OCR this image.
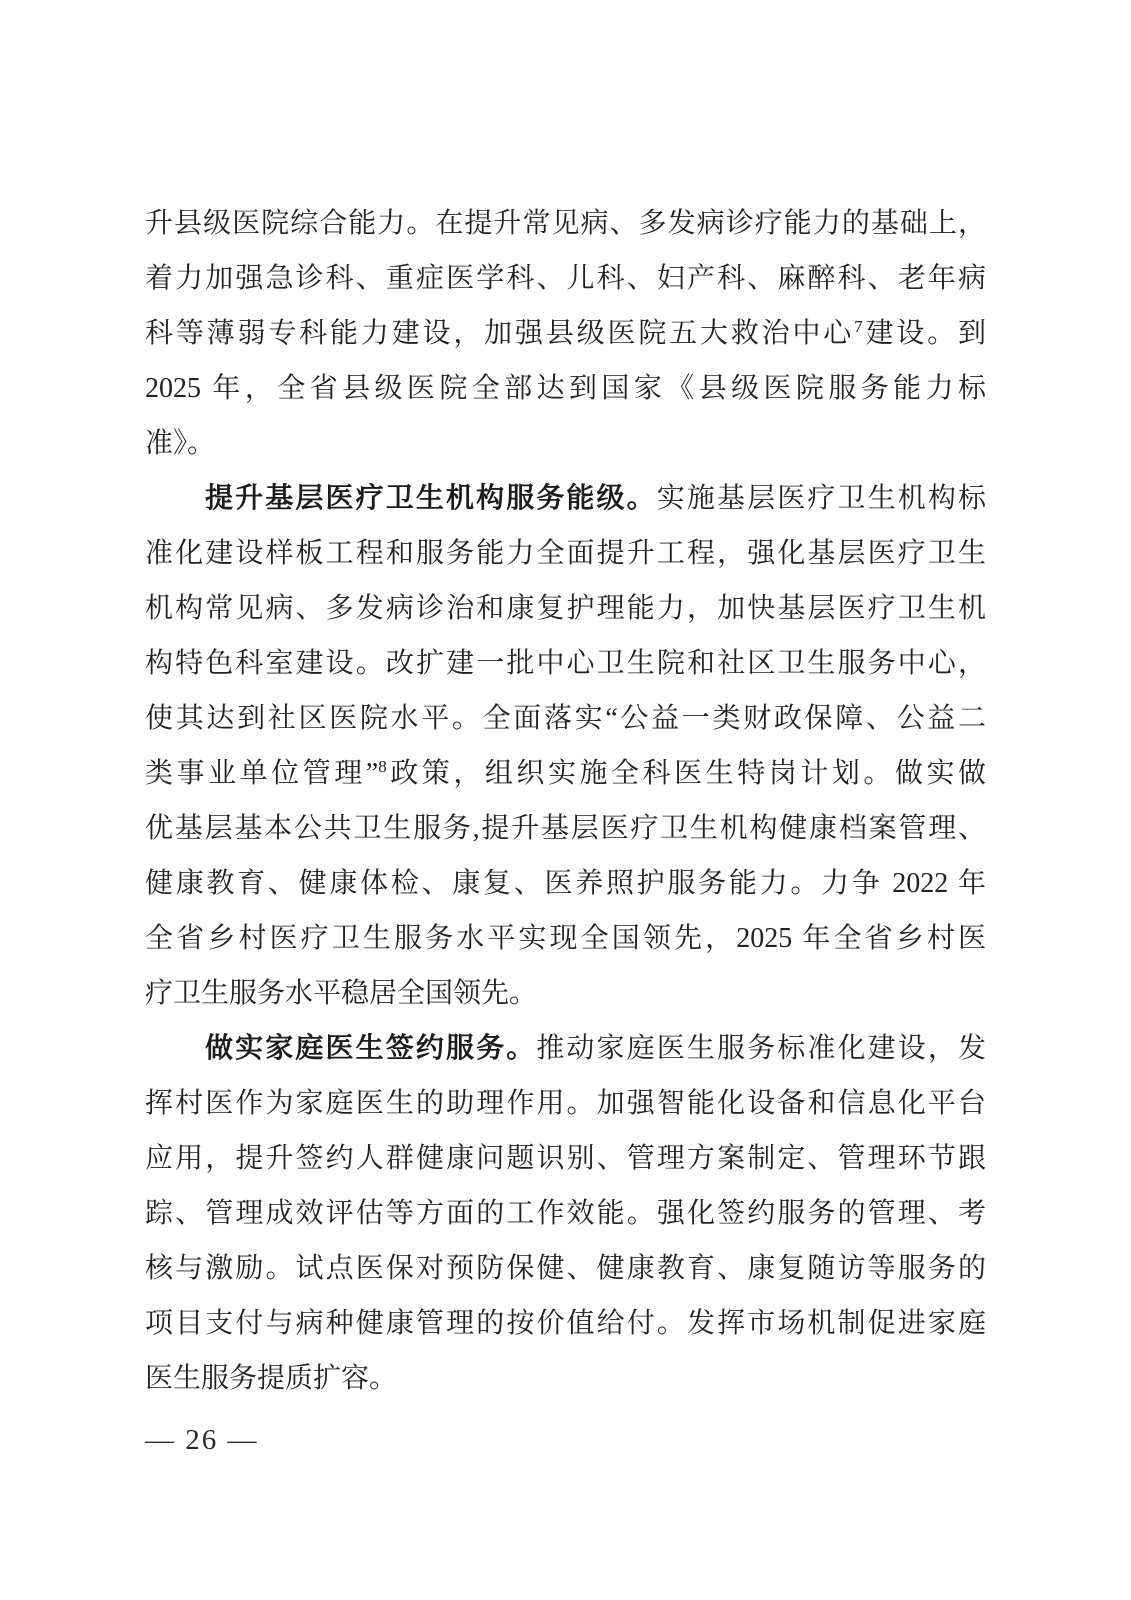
升县级医院综合能力。在提升常见病、多发病诊疗能力的基础上，
着力加强急诊科、重症医学科、儿科、妇产科、麻醉科、老年病
科等薄弱专科能力建设，加强县级医院五大救治中心$^7$建设。到
2025 年，全省县级医院全部达到国家《县级医院服务能力标
准》。

提升基层医疗卫生机构服务能级。实施基层医疗卫生机构标
准化建设样板工程和服务能力全面提升工程，强化基层医疗卫生
机构常见病、多发病诊治和康复护理能力，加快基层医疗卫生机
构特色科室建设。改扩建一批中心卫生院和社区卫生服务中心，
使其达到社区医院水平。全面落实“公益一类财政保障、公益二
类事业单位管理”$^8$政策，组织实施全科医生特岗计划。做实做
优基层基本公共卫生服务,提升基层医疗卫生机构健康档案管理、
健康教育、健康体检、康复、医养照护服务能力。力争 2022 年
全省乡村医疗卫生服务水平实现全国领先，2025 年全省乡村医
疗卫生服务水平稳居全国领先。

做实家庭医生签约服务。推动家庭医生服务标准化建设，发
挥村医作为家庭医生的助理作用。加强智能化设备和信息化平台
应用，提升签约人群健康问题识别、管理方案制定、管理环节跟
踪、管理成效评估等方面的工作效能。强化签约服务的管理、考
核与激励。试点医保对预防保健、健康教育、康复随访等服务的
项目支付与病种健康管理的按价值给付。发挥市场机制促进家庭
医生服务提质扩容。

— 26 —
